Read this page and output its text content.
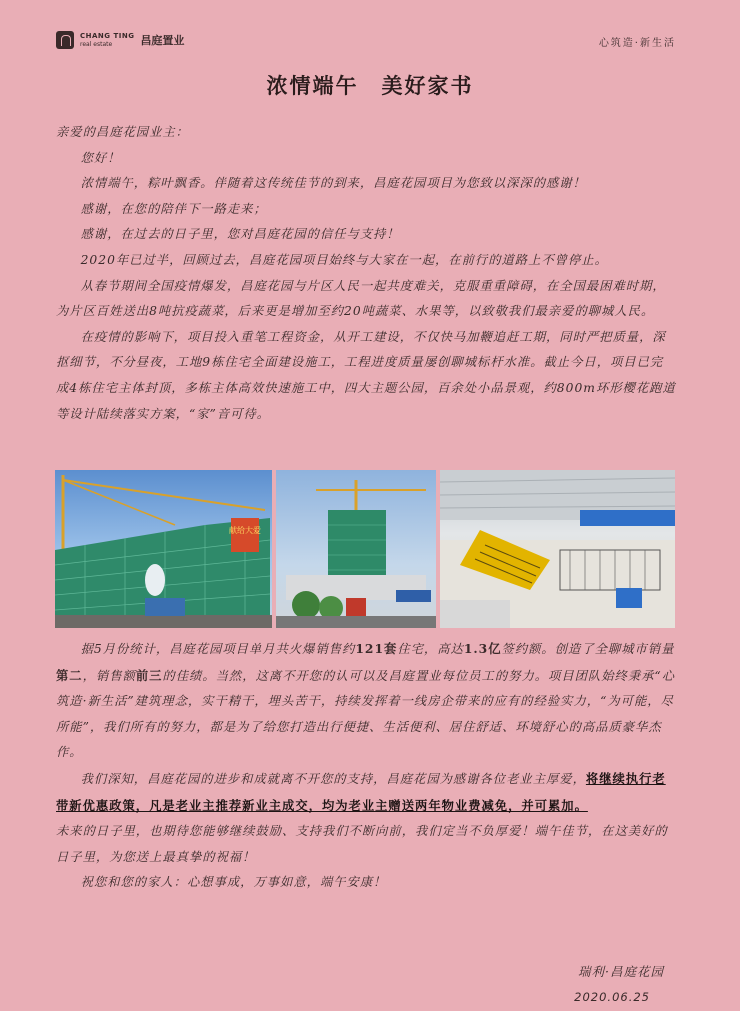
CHANG TING
real estate	昌庭置业	心筑造·新生活
浓情端午　美好家书

亲爱的昌庭花园业主：

您好！

浓情端午，粽叶飘香。伴随着这传统佳节的到来，昌庭花园项目为您致以深深的感谢！

感谢，在您的陪伴下一路走来；

感谢，在过去的日子里，您对昌庭花园的信任与支持！

2020年已过半，回顾过去，昌庭花园项目始终与大家在一起，在前行的道路上不曾停止。

从春节期间全国疫情爆发，昌庭花园与片区人民一起共度难关，克服重重障碍，在全国最困难时期，为片区百姓送出8吨抗疫蔬菜，后来更是增加至约20吨蔬菜、水果等，以致敬我们最亲爱的聊城人民。

在疫情的影响下，项目投入重笔工程资金，从开工建设，不仅快马加鞭追赶工期，同时严把质量，深抠细节，不分昼夜，工地9栋住宅全面建设施工，工程进度质量屡创聊城标杆水准。截止今日，项目已完成4栋住宅主体封顶，多栋主体高效快速施工中，四大主题公园，百余处小品景观，约800m环形樱花跑道等设计陆续落实方案，“家”音可待。

献给大爱

据5月份统计，昌庭花园项目单月共火爆销售约121套住宅，高达1.3亿签约额。创造了全聊城市销量第二，销售额前三的佳绩。当然，这离不开您的认可以及昌庭置业每位员工的努力。项目团队始终秉承“心筑造·新生活”建筑理念，实干精干，埋头苦干，持续发挥着一线房企带来的应有的经验实力，“为可能，尽所能”，我们所有的努力，都是为了给您打造出行便捷、生活便利、居住舒适、环境舒心的高品质豪华杰作。

我们深知，昌庭花园的进步和成就离不开您的支持，昌庭花园为感谢各位老业主厚爱，将继续执行老带新优惠政策，凡是老业主推荐新业主成交，均为老业主赠送两年物业费减免，并可累加。

未来的日子里，也期待您能够继续鼓励、支持我们不断向前，我们定当不负厚爱！端午佳节，在这美好的日子里，为您送上最真挚的祝福！

祝您和您的家人：心想事成，万事如意，端午安康！

瑞利·昌庭花园
2020.06.25
